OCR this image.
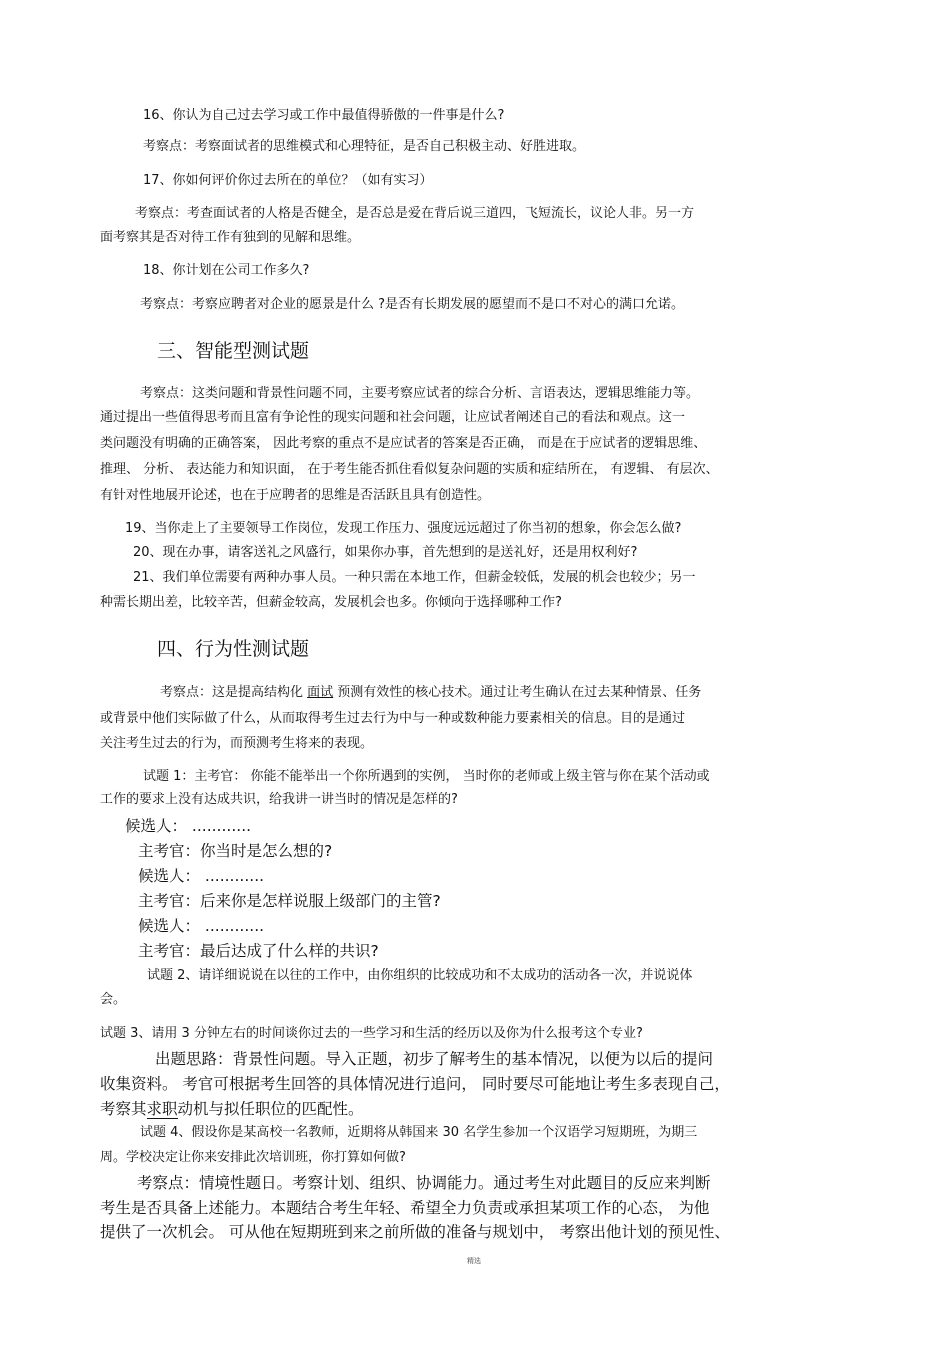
16、你认为自己过去学习或工作中最值得骄傲的一件事是什么?
考察点：考察面试者的思维模式和心理特征，是否自己积极主动、好胜进取。
17、你如何评价你过去所在的单位？（如有实习）
考察点：考查面试者的人格是否健全，是否总是爱在背后说三道四，飞短流长，议论人非。另一方
面考察其是否对待工作有独到的见解和思维。
18、你计划在公司工作多久?
考察点：考察应聘者对企业的愿景是什么 ?是否有长期发展的愿望而不是口不对心的满口允诺。
三、智能型测试题
考察点：这类问题和背景性问题不同，主要考察应试者的综合分析、言语表达，逻辑思维能力等。
通过提出一些值得思考而且富有争论性的现实问题和社会问题，让应试者阐述自己的看法和观点。这一
类问题没有明确的正确答案， 因此考察的重点不是应试者的答案是否正确， 而是在于应试者的逻辑思维、
推理、 分析、 表达能力和知识面， 在于考生能否抓住看似复杂问题的实质和症结所在， 有逻辑、 有层次、
有针对性地展开论述，也在于应聘者的思维是否活跃且具有创造性。
19、当你走上了主要领导工作岗位，发现工作压力、强度远远超过了你当初的想象，你会怎么做?
20、现在办事，请客送礼之风盛行，如果你办事，首先想到的是送礼好，还是用权利好?
21、我们单位需要有两种办事人员。一种只需在本地工作，但薪金较低，发展的机会也较少；另一
种需长期出差，比较辛苦，但薪金较高，发展机会也多。你倾向于选择哪种工作?
四、行为性测试题
考察点：这是提高结构化 面试 预测有效性的核心技术。通过让考生确认在过去某种情景、任务
或背景中他们实际做了什么，从而取得考生过去行为中与一种或数种能力要素相关的信息。目的是通过
关注考生过去的行为，而预测考生将来的表现。
试题 1：主考官： 你能不能举出一个你所遇到的实例， 当时你的老师或上级主管与你在某个活动或
工作的要求上没有达成共识，给我讲一讲当时的情况是怎样的?
候选人： ............
主考官：你当时是怎么想的?
候选人： ............
主考官：后来你是怎样说服上级部门的主管?
候选人： ............
主考官：最后达成了什么样的共识?
试题 2、请详细说说在以往的工作中，由你组织的比较成功和不太成功的活动各一次，并说说体
会。
试题 3、请用 3 分钟左右的时间谈你过去的一些学习和生活的经历以及你为什么报考这个专业?
出题思路：背景性问题。导入正题，初步了解考生的基本情况，以便为以后的提问
收集资料。 考官可根据考生回答的具体情况进行追问， 同时要尽可能地让考生多表现自己，
考察其求职动机与拟任职位的匹配性。
试题 4、假设你是某高校一名教师，近期将从韩国来 30 名学生参加一个汉语学习短期班，为期三
周。学校决定让你来安排此次培训班，你打算如何做?
考察点：情境性题日。考察计划、组织、协调能力。通过考生对此题目的反应来判断
考生是否具备上述能力。本题结合考生年轻、希望全力负责或承担某项工作的心态， 为他
提供了一次机会。 可从他在短期班到来之前所做的准备与规划中， 考察出他计划的预见性、
精选
